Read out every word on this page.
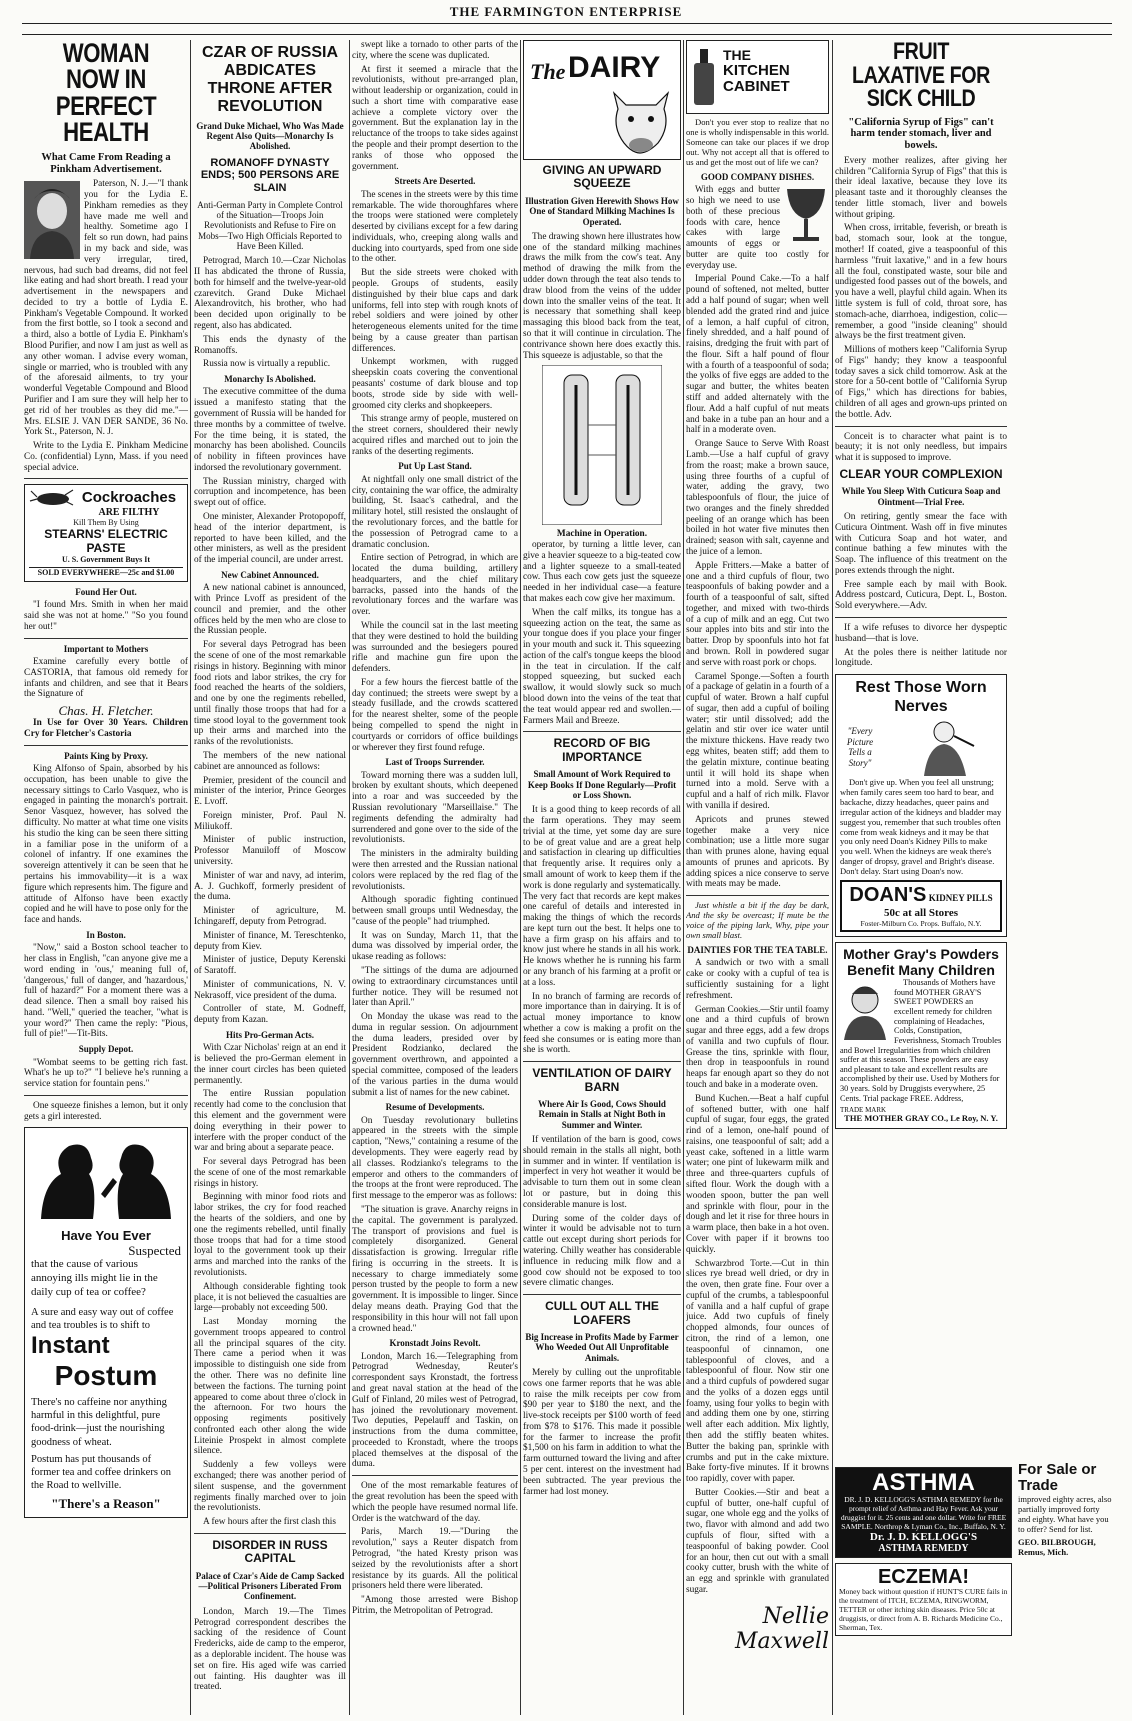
THE FARMINGTON ENTERPRISE
WOMAN NOW IN PERFECT HEALTH
What Came From Reading a Pinkham Advertisement.

Paterson, N. J.—"I thank you for the Lydia E. Pinkham remedies as they have made me well and healthy. Sometime ago I felt so run down, had pains in my back and side, was very irregular, tired, nervous, had such bad dreams, did not feel like eating and had short breath. I read your advertisement in the newspapers and decided to try a bottle of Lydia E. Pinkham's Vegetable Compound. It worked from the first bottle, so I took a second and a third, also a bottle of Lydia E. Pinkham's Blood Purifier, and now I am just as well as any other woman. I advise every woman, single or married, who is troubled with any of the aforesaid ailments, to try your wonderful Vegetable Compound and Blood Purifier and I am sure they will help her to get rid of her troubles as they did me."—Mrs. ELSIE J. VAN DER SANDE, 36 No. York St., Paterson, N. J.

Write to the Lydia E. Pinkham Medicine Co. (confidential) Lynn, Mass. if you need special advice.

Cockroaches
ARE FILTHY
Kill Them By Using
STEARNS' ELECTRIC PASTE
U. S. Government Buys It
SOLD EVERYWHERE—25c and $1.00
Found Her Out.

"I found Mrs. Smith in when her maid said she was not at home." "So you found her out!"

Important to Mothers

Examine carefully every bottle of CASTORIA, that famous old remedy for infants and children, and see that it Bears the Signature of

Chas. H. Fletcher.

In Use for Over 30 Years. Children Cry for Fletcher's Castoria

Paints King by Proxy.

King Alfonso of Spain, absorbed by his occupation, has been unable to give the necessary sittings to Carlo Vasquez, who is engaged in painting the monarch's portrait. Senor Vasquez, however, has solved the difficulty. No matter at what time one visits his studio the king can be seen there sitting in a familiar pose in the uniform of a colonel of infantry. If one examines the sovereign attentively it can be seen that he pertains his immovability—it is a wax figure which represents him. The figure and attitude of Alfonso have been exactly copied and he will have to pose only for the face and hands.

In Boston.

"Now," said a Boston school teacher to her class in English, "can anyone give me a word ending in 'ous,' meaning full of, 'dangerous,' full of danger, and 'hazardous,' full of hazard?" For a moment there was a dead silence. Then a small boy raised his hand. "Well," queried the teacher, "what is your word?" Then came the reply: "Pious, full of pie!"—Tit-Bits.

Supply Depot.

"Wombat seems to be getting rich fast. What's he up to?" "I believe he's running a service station for fountain pens."

One squeeze finishes a lemon, but it only gets a girl interested.

Have You Ever
Suspected
that the cause of various annoying ills might lie in the daily cup of tea or coffee?
A sure and easy way out of coffee and tea troubles is to shift to
Instant
Postum
There's no caffeine nor anything harmful in this delightful, pure food-drink—just the nourishing goodness of wheat.
Postum has put thousands of former tea and coffee drinkers on the Road to wellville.
"There's a Reason"
CZAR OF RUSSIA ABDICATES THRONE AFTER REVOLUTION
Grand Duke Michael, Who Was Made Regent Also Quits—Monarchy Is Abolished.
ROMANOFF DYNASTY ENDS; 500 PERSONS ARE SLAIN
Anti-German Party in Complete Control of the Situation—Troops Join Revolutionists and Refuse to Fire on Mobs—Two High Officials Reported to Have Been Killed.

Petrograd, March 10.—Czar Nicholas II has abdicated the throne of Russia, both for himself and the twelve-year-old czarevitch. Grand Duke Michael Alexandrovitch, his brother, who had been decided upon originally to be regent, also has abdicated.

This ends the dynasty of the Romanoffs.

Russia now is virtually a republic.

Monarchy Is Abolished.

The executive committee of the duma issued a manifesto stating that the government of Russia will be handed for three months by a committee of twelve. For the time being, it is stated, the monarchy has been abolished. Councils of nobility in fifteen provinces have indorsed the revolutionary government.

The Russian ministry, charged with corruption and incompetence, has been swept out of office.

One minister, Alexander Protopopoff, head of the interior department, is reported to have been killed, and the other ministers, as well as the president of the imperial council, are under arrest.

New Cabinet Announced.

A new national cabinet is announced, with Prince Lvoff as president of the council and premier, and the other offices held by the men who are close to the Russian people.

For several days Petrograd has been the scene of one of the most remarkable risings in history. Beginning with minor food riots and labor strikes, the cry for food reached the hearts of the soldiers, and one by one the regiments rebelled, until finally those troops that had for a time stood loyal to the government took up their arms and marched into the ranks of the revolutionists.

The members of the new national cabinet are announced as follows:

Premier, president of the council and minister of the interior, Prince Georges E. Lvoff.

Foreign minister, Prof. Paul N. Miliukoff.

Minister of public instruction, Professor Manuiloff of Moscow university.

Minister of war and navy, ad interim, A. J. Guchkoff, formerly president of the duma.

Minister of agriculture, M. Ichingareff, deputy from Petrograd.

Minister of finance, M. Tereschtenko, deputy from Kiev.

Minister of justice, Deputy Kerenski of Saratoff.

Minister of communications, N. V. Nekrasoff, vice president of the duma.

Controller of state, M. Godneff, deputy from Kazan.

Hits Pro-German Acts.

With Czar Nicholas' reign at an end it is believed the pro-German element in the inner court circles has been quieted permanently.

The entire Russian population recently had come to the conclusion that this element and the government were doing everything in their power to interfere with the proper conduct of the war and bring about a separate peace.

For several days Petrograd has been the scene of one of the most remarkable risings in history.

Beginning with minor food riots and labor strikes, the cry for food reached the hearts of the soldiers, and one by one the regiments rebelled, until finally those troops that had for a time stood loyal to the government took up their arms and marched into the ranks of the revolutionists.

Although considerable fighting took place, it is not believed the casualties are large—probably not exceeding 500.

Last Monday morning the government troops appeared to control all the principal squares of the city. There came a period when it was impossible to distinguish one side from the other. There was no definite line between the factions. The turning point appeared to come about three o'clock in the afternoon. For two hours the opposing regiments positively confronted each other along the wide Liteinie Prospekt in almost complete silence.

Suddenly a few volleys were exchanged; there was another period of silent suspense, and the government regiments finally marched over to join the revolutionists.

A few hours after the first clash this

DISORDER IN RUSS CAPITAL
Palace of Czar's Aide de Camp Sacked—Political Prisoners Liberated From Confinement.

London, March 19.—The Times Petrograd correspondent describes the sacking of the residence of Count Fredericks, aide de camp to the emperor, as a deplorable incident. The house was set on fire. His aged wife was carried out fainting. His daughter was ill treated.

swept like a tornado to other parts of the city, where the scene was duplicated.

At first it seemed a miracle that the revolutionists, without pre-arranged plan, without leadership or organization, could in such a short time with comparative ease achieve a complete victory over the government. But the explanation lay in the reluctance of the troops to take sides against the people and their prompt desertion to the ranks of those who opposed the government.

Streets Are Deserted.

The scenes in the streets were by this time remarkable. The wide thoroughfares where the troops were stationed were completely deserted by civilians except for a few daring individuals, who, creeping along walls and ducking into courtyards, sped from one side to the other.

But the side streets were choked with people. Groups of students, easily distinguished by their blue caps and dark uniforms, fell into step with rough knots of rebel soldiers and were joined by other heterogeneous elements united for the time being by a cause greater than partisan differences.

Unkempt workmen, with rugged sheepskin coats covering the conventional peasants' costume of dark blouse and top boots, strode side by side with well-groomed city clerks and shopkeepers.

This strange army of people, mustered on the street corners, shouldered their newly acquired rifles and marched out to join the ranks of the deserting regiments.

Put Up Last Stand.

At nightfall only one small district of the city, containing the war office, the admiralty building, St. Isaac's cathedral, and the military hotel, still resisted the onslaught of the revolutionary forces, and the battle for the possession of Petrograd came to a dramatic conclusion.

Entire section of Petrograd, in which are located the duma building, artillery headquarters, and the chief military barracks, passed into the hands of the revolutionary forces and the warfare was over.

While the council sat in the last meeting that they were destined to hold the building was surrounded and the besiegers poured rifle and machine gun fire upon the defenders.

For a few hours the fiercest battle of the day continued; the streets were swept by a steady fusillade, and the crowds scattered for the nearest shelter, some of the people being compelled to spend the night in courtyards or corridors of office buildings or wherever they first found refuge.

Last of Troops Surrender.

Toward morning there was a sudden lull, broken by exultant shouts, which deepened into a roar and was succeeded by the Russian revolutionary "Marseillaise." The regiments defending the admiralty had surrendered and gone over to the side of the revolutionists.

The ministers in the admiralty building were then arrested and the Russian national colors were replaced by the red flag of the revolutionists.

Although sporadic fighting continued between small groups until Wednesday, the "cause of the people" had triumphed.

It was on Sunday, March 11, that the duma was dissolved by imperial order, the ukase reading as follows:

"The sittings of the duma are adjourned owing to extraordinary circumstances until further notice. They will be resumed not later than April."

On Monday the ukase was read to the duma in regular session. On adjournment the duma leaders, presided over by President Rodzianko, declared the government overthrown, and appointed a special committee, composed of the leaders of the various parties in the duma would submit a list of names for the new cabinet.

Resume of Developments.

On Tuesday revolutionary bulletins appeared in the streets with the simple caption, "News," containing a resume of the developments. They were eagerly read by all classes. Rodzianko's telegrams to the emperor and others to the commanders of the troops at the front were reproduced. The first message to the emperor was as follows:

"The situation is grave. Anarchy reigns in the capital. The government is paralyzed. The transport of provisions and fuel is completely disorganized. General dissatisfaction is growing. Irregular rifle firing is occurring in the streets. It is necessary to charge immediately some person trusted by the people to form a new government. It is impossible to linger. Since delay means death. Praying God that the responsibility in this hour will not fall upon a crowned head."

Kronstadt Joins Revolt.

London, March 16.—Telegraphing from Petrograd Wednesday, Reuter's correspondent says Kronstadt, the fortress and great naval station at the head of the Gulf of Finland, 20 miles west of Petrograd, has joined the revolutionary movement. Two deputies, Pepelauff and Taskin, on instructions from the duma committee, proceeded to Kronstadt, where the troops placed themselves at the disposal of the duma.

One of the most remarkable features of the great revolution has been the speed with which the people have resumed normal life. Order is the watchward of the day.

Paris, March 19.—"During the revolution," says a Reuter dispatch from Petrograd, "the hated Kresty prison was seized by the revolutionists after a short resistance by its guards. All the political prisoners held there were liberated.

"Among those arrested were Bishop Pitrim, the Metropolitan of Petrograd.

The DAIRY
GIVING AN UPWARD SQUEEZE
Illustration Given Herewith Shows How One of Standard Milking Machines Is Operated.

The drawing shown here illustrates how one of the standard milking machines draws the milk from the cow's teat. Any method of drawing the milk from the udder down through the teat also tends to draw blood from the veins of the udder down into the smaller veins of the teat. It is necessary that something shall keep massaging this blood back from the teat, so that it will continue in circulation. The contrivance shown here does exactly this. This squeeze is adjustable, so that the

Machine in Operation.

operator, by turning a little lever, can give a heavier squeeze to a big-teated cow and a lighter squeeze to a small-teated cow. Thus each cow gets just the squeeze needed in her individual case—a feature that makes each cow give her maximum.

When the calf milks, its tongue has a squeezing action on the teat, the same as your tongue does if you place your finger in your mouth and suck it. This squeezing action of the calf's tongue keeps the blood in the teat in circulation. If the calf stopped squeezing, but sucked each swallow, it would slowly suck so much blood down into the veins of the teat that the teat would appear red and swollen.—Farmers Mail and Breeze.

RECORD OF BIG IMPORTANCE
Small Amount of Work Required to Keep Books If Done Regularly—Profit or Loss Shown.

It is a good thing to keep records of all the farm operations. They may seem trivial at the time, yet some day are sure to be of great value and are a great help and satisfaction in clearing up difficulties that frequently arise. It requires only a small amount of work to keep them if the work is done regularly and systematically. The very fact that records are kept makes one careful of details and interested in making the things of which the records are kept turn out the best. It helps one to have a firm grasp on his affairs and to know just where he stands in all his work. He knows whether he is running his farm or any branch of his farming at a profit or at a loss.

In no branch of farming are records of more importance than in dairying. It is of actual money importance to know whether a cow is making a profit on the feed she consumes or is eating more than she is worth.

VENTILATION OF DAIRY BARN
Where Air Is Good, Cows Should Remain in Stalls at Night Both in Summer and Winter.

If ventilation of the barn is good, cows should remain in the stalls all night, both in summer and in winter. If ventilation is imperfect in very hot weather it would be advisable to turn them out in some clean lot or pasture, but in doing this considerable manure is lost.

During some of the colder days of winter it would be advisable not to turn cattle out except during short periods for watering. Chilly weather has considerable influence in reducing milk flow and a good cow should not be exposed to too severe climatic changes.

CULL OUT ALL THE LOAFERS
Big Increase in Profits Made by Farmer Who Weeded Out All Unprofitable Animals.

Merely by culling out the unprofitable cows one farmer reports that he was able to raise the milk receipts per cow from $90 per year to $180 the next, and the live-stock receipts per $100 worth of feed from $78 to $176. This made it possible for the farmer to increase the profit $1,500 on his farm in addition to what the farm outturned toward the living and after 5 per cent. interest on the investment had been subtracted. The year previous the farmer had lost money.

THE
KITCHEN CABINET

Don't you ever stop to realize that no one is wholly indispensable in this world. Someone can take our places if we drop out. Why not accept all that is offered to us and get the most out of life we can?

GOOD COMPANY DISHES.

With eggs and butter so high we need to use both of these precious foods with care, hence cakes with large amounts of eggs or butter are quite too costly for everyday use.

Imperial Pound Cake.—To a half pound of softened, not melted, butter add a half pound of sugar; when well blended add the grated rind and juice of a lemon, a half cupful of citron, finely shredded, and a half pound of raisins, dredging the fruit with part of the flour. Sift a half pound of flour with a fourth of a teaspoonful of soda; the yolks of five eggs are added to the sugar and butter, the whites beaten stiff and added alternately with the flour. Add a half cupful of nut meats and bake in a tube pan an hour and a half in a moderate oven.

Orange Sauce to Serve With Roast Lamb.—Use a half cupful of gravy from the roast; make a brown sauce, using three fourths of a cupful of water, adding the gravy, two tablespoonfuls of flour, the juice of two oranges and the finely shredded peeling of an orange which has been boiled in hot water five minutes then drained; season with salt, cayenne and the juice of a lemon.

Apple Fritters.—Make a batter of one and a third cupfuls of flour, two teaspoonfuls of baking powder and a fourth of a teaspoonful of salt, sifted together, and mixed with two-thirds of a cup of milk and an egg. Cut two sour apples into bits and stir into the batter. Drop by spoonfuls into hot fat and brown. Roll in powdered sugar and serve with roast pork or chops.

Caramel Sponge.—Soften a fourth of a package of gelatin in a fourth of a cupful of water. Brown a half cupful of sugar, then add a cupful of boiling water; stir until dissolved; add the gelatin and stir over ice water until the mixture thickens. Have ready two egg whites, beaten stiff; add them to the gelatin mixture, continue beating until it will hold its shape when turned into a mold. Serve with a cupful and a half of rich milk. Flavor with vanilla if desired.

Apricots and prunes stewed together make a very nice combination; use a little more sugar than with prunes alone, having equal amounts of prunes and apricots. By adding spices a nice conserve to serve with meats may be made.

Just whistle a bit if the day be dark, And the sky be overcast; If mute be the voice of the piping lark, Why, pipe your own small blast.

DAINTIES FOR THE TEA TABLE.

A sandwich or two with a small cake or cooky with a cupful of tea is sufficiently sustaining for a light refreshment.

German Cookies.—Stir until foamy one and a third cupfuls of brown sugar and three eggs, add a few drops of vanilla and two cupfuls of flour. Grease the tins, sprinkle with flour, then drop in teaspoonfuls in round heaps far enough apart so they do not touch and bake in a moderate oven.

Bund Kuchen.—Beat a half cupful of softened butter, with one half cupful of sugar, four eggs, the grated rind of a lemon, one-half pound of raisins, one teaspoonful of salt; add a yeast cake, softened in a little warm water; one pint of lukewarm milk and three and three-quarters cupfuls of sifted flour. Work the dough with a wooden spoon, butter the pan well and sprinkle with flour, pour in the dough and let it rise for three hours in a warm place, then bake in a hot oven. Cover with paper if it browns too quickly.

Schwarzbrod Torte.—Cut in thin slices rye bread well dried, or dry in the oven, then grate fine. Four over a cupful of the crumbs, a tablespoonful of vanilla and a half cupful of grape juice. Add two cupfuls of finely chopped almonds, four ounces of citron, the rind of a lemon, one teaspoonful of cinnamon, one tablespoonful of cloves, and a tablespoonful of flour. Now stir one and a third cupfuls of powdered sugar and the yolks of a dozen eggs until foamy, using four yolks to begin with and adding them one by one, stirring well after each addition. Mix lightly, then add the stiffly beaten whites. Butter the baking pan, sprinkle with crumbs and put in the cake mixture. Bake forty-five minutes. If it browns too rapidly, cover with paper.

Butter Cookies.—Stir and beat a cupful of butter, one-half cupful of sugar, one whole egg and the yolks of two, flavor with almond and add two cupfuls of flour, sifted with a teaspoonful of baking powder. Cool for an hour, then cut out with a small cooky cutter, brush with the white of an egg and sprinkle with granulated sugar.

Nellie Maxwell
FRUIT LAXATIVE FOR SICK CHILD
"California Syrup of Figs" can't harm tender stomach, liver and bowels.

Every mother realizes, after giving her children "California Syrup of Figs" that this is their ideal laxative, because they love its pleasant taste and it thoroughly cleanses the tender little stomach, liver and bowels without griping.

When cross, irritable, feverish, or breath is bad, stomach sour, look at the tongue, mother! If coated, give a teaspoonful of this harmless "fruit laxative," and in a few hours all the foul, constipated waste, sour bile and undigested food passes out of the bowels, and you have a well, playful child again. When its little system is full of cold, throat sore, has stomach-ache, diarrhoea, indigestion, colic—remember, a good "inside cleaning" should always be the first treatment given.

Millions of mothers keep "California Syrup of Figs" handy; they know a teaspoonful today saves a sick child tomorrow. Ask at the store for a 50-cent bottle of "California Syrup of Figs," which has directions for babies, children of all ages and grown-ups printed on the bottle. Adv.

Conceit is to character what paint is to beauty; it is not only needless, but impairs what it is supposed to improve.

CLEAR YOUR COMPLEXION
While You Sleep With Cuticura Soap and Ointment—Trial Free.

On retiring, gently smear the face with Cuticura Ointment. Wash off in five minutes with Cuticura Soap and hot water, and continue bathing a few minutes with the Soap. The influence of this treatment on the pores extends through the night.

Free sample each by mail with Book. Address postcard, Cuticura, Dept. L, Boston. Sold everywhere.—Adv.

If a wife refuses to divorce her dyspeptic husband—that is love.

At the poles there is neither latitude nor longitude.

Rest Those Worn Nerves
"Every Picture Tells a Story"

Don't give up. When you feel all unstrung; when family cares seem too hard to bear, and backache, dizzy headaches, queer pains and irregular action of the kidneys and bladder may suggest you, remember that such troubles often come from weak kidneys and it may be that you only need Doan's Kidney Pills to make you well. When the kidneys are weak there's danger of dropsy, gravel and Bright's disease. Don't delay. Start using Doan's now.

DOAN'S KIDNEY PILLS
50c at all Stores
Foster-Milburn Co. Props. Buffalo, N.Y.
Mother Gray's Powders Benefit Many Children

Thousands of Mothers have found MOTHER GRAY'S SWEET POWDERS an excellent remedy for children complaining of Headaches, Colds, Constipation, Feverishness, Stomach Troubles and Bowel Irregularities from which children suffer at this season. These powders are easy and pleasant to take and excellent results are accomplished by their use. Used by Mothers for 30 years. Sold by Druggists everywhere, 25 Cents. Trial package FREE. Address,

TRADE MARK
THE MOTHER GRAY CO., Le Roy, N. Y.
ASTHMA
DR. J. D. KELLOGG'S ASTHMA REMEDY for the prompt relief of Asthma and Hay Fever. Ask your druggist for it. 25 cents and one dollar. Write for FREE SAMPLE. Northrop & Lyman Co., Inc., Buffalo, N. Y.
Dr. J. D. KELLOGG'S
ASTHMA REMEDY
ECZEMA!
Money back without question if HUNT'S CURE fails in the treatment of ITCH, ECZEMA, RINGWORM, TETTER or other itching skin diseases. Price 50c at druggists, or direct from A. B. Richards Medicine Co., Sherman, Tex.
For Sale or Trade

improved eighty acres, also partially improved forty and eighty. What have you to offer? Send for list.

GEO. BILBROUGH, Remus, Mich.
